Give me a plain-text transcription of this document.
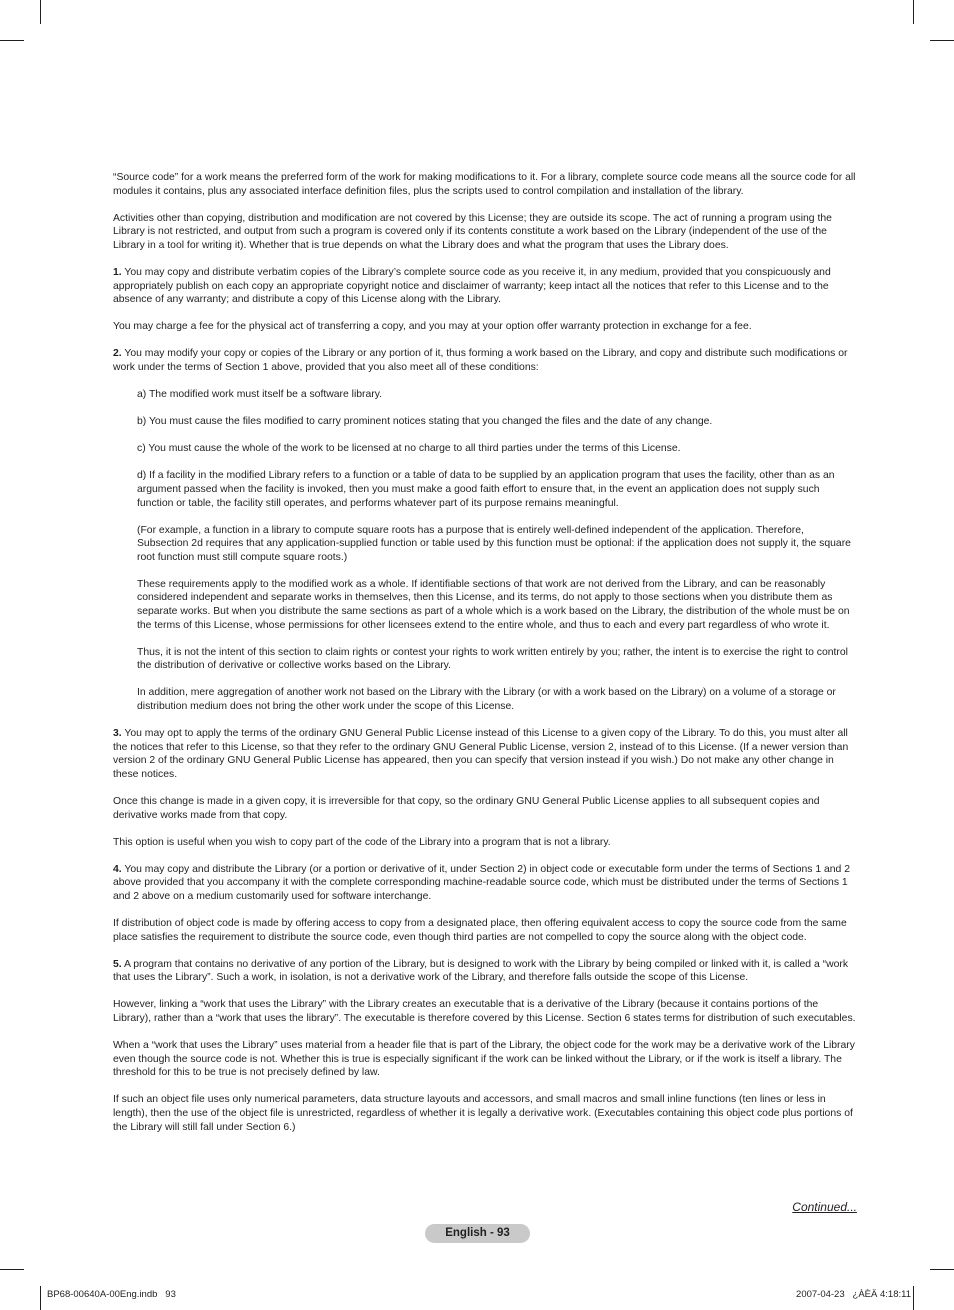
“Source code” for a work means the preferred form of the work for making modifications to it. For a library, complete source code means all the source code for all modules it contains, plus any associated interface definition files, plus the scripts used to control compilation and installation of the library.

Activities other than copying, distribution and modification are not covered by this License; they are outside its scope. The act of running a program using the Library is not restricted, and output from such a program is covered only if its contents constitute a work based on the Library (independent of the use of the Library in a tool for writing it). Whether that is true depends on what the Library does and what the program that uses the Library does.

1. You may copy and distribute verbatim copies of the Library’s complete source code as you receive it, in any medium, provided that you conspicuously and appropriately publish on each copy an appropriate copyright notice and disclaimer of warranty; keep intact all the notices that refer to this License and to the absence of any warranty; and distribute a copy of this License along with the Library.

You may charge a fee for the physical act of transferring a copy, and you may at your option offer warranty protection in exchange for a fee.

2. You may modify your copy or copies of the Library or any portion of it, thus forming a work based on the Library, and copy and distribute such modifications or work under the terms of Section 1 above, provided that you also meet all of these conditions:

a) The modified work must itself be a software library.

b) You must cause the files modified to carry prominent notices stating that you changed the files and the date of any change.

c) You must cause the whole of the work to be licensed at no charge to all third parties under the terms of this License.

d) If a facility in the modified Library refers to a function or a table of data to be supplied by an application program that uses the facility, other than as an argument passed when the facility is invoked, then you must make a good faith effort to ensure that, in the event an application does not supply such function or table, the facility still operates, and performs whatever part of its purpose remains meaningful.

(For example, a function in a library to compute square roots has a purpose that is entirely well-defined independent of the application. Therefore, Subsection 2d requires that any application-supplied function or table used by this function must be optional: if the application does not supply it, the square root function must still compute square roots.)

These requirements apply to the modified work as a whole. If identifiable sections of that work are not derived from the Library, and can be reasonably considered independent and separate works in themselves, then this License, and its terms, do not apply to those sections when you distribute them as separate works. But when you distribute the same sections as part of a whole which is a work based on the Library, the distribution of the whole must be on the terms of this License, whose permissions for other licensees extend to the entire whole, and thus to each and every part regardless of who wrote it.

Thus, it is not the intent of this section to claim rights or contest your rights to work written entirely by you; rather, the intent is to exercise the right to control the distribution of derivative or collective works based on the Library.

In addition, mere aggregation of another work not based on the Library with the Library (or with a work based on the Library) on a volume of a storage or distribution medium does not bring the other work under the scope of this License.

3. You may opt to apply the terms of the ordinary GNU General Public License instead of this License to a given copy of the Library. To do this, you must alter all the notices that refer to this License, so that they refer to the ordinary GNU General Public License, version 2, instead of to this License. (If a newer version than version 2 of the ordinary GNU General Public License has appeared, then you can specify that version instead if you wish.) Do not make any other change in these notices.

Once this change is made in a given copy, it is irreversible for that copy, so the ordinary GNU General Public License applies to all subsequent copies and derivative works made from that copy.

This option is useful when you wish to copy part of the code of the Library into a program that is not a library.

4. You may copy and distribute the Library (or a portion or derivative of it, under Section 2) in object code or executable form under the terms of Sections 1 and 2 above provided that you accompany it with the complete corresponding machine-readable source code, which must be distributed under the terms of Sections 1 and 2 above on a medium customarily used for software interchange.

If distribution of object code is made by offering access to copy from a designated place, then offering equivalent access to copy the source code from the same place satisfies the requirement to distribute the source code, even though third parties are not compelled to copy the source along with the object code.

5. A program that contains no derivative of any portion of the Library, but is designed to work with the Library by being compiled or linked with it, is called a “work that uses the Library”. Such a work, in isolation, is not a derivative work of the Library, and therefore falls outside the scope of this License.

However, linking a “work that uses the Library” with the Library creates an executable that is a derivative of the Library (because it contains portions of the Library), rather than a “work that uses the library”. The executable is therefore covered by this License. Section 6 states terms for distribution of such executables.

When a “work that uses the Library” uses material from a header file that is part of the Library, the object code for the work may be a derivative work of the Library even though the source code is not. Whether this is true is especially significant if the work can be linked without the Library, or if the work is itself a library. The threshold for this to be true is not precisely defined by law.

If such an object file uses only numerical parameters, data structure layouts and accessors, and small macros and small inline functions (ten lines or less in length), then the use of the object file is unrestricted, regardless of whether it is legally a derivative work. (Executables containing this object code plus portions of the Library will still fall under Section 6.)

Continued...
English - 93
BP68-00640A-00Eng.indb   93	2007-04-23   ¿ÀÈÄ 4:18:11
